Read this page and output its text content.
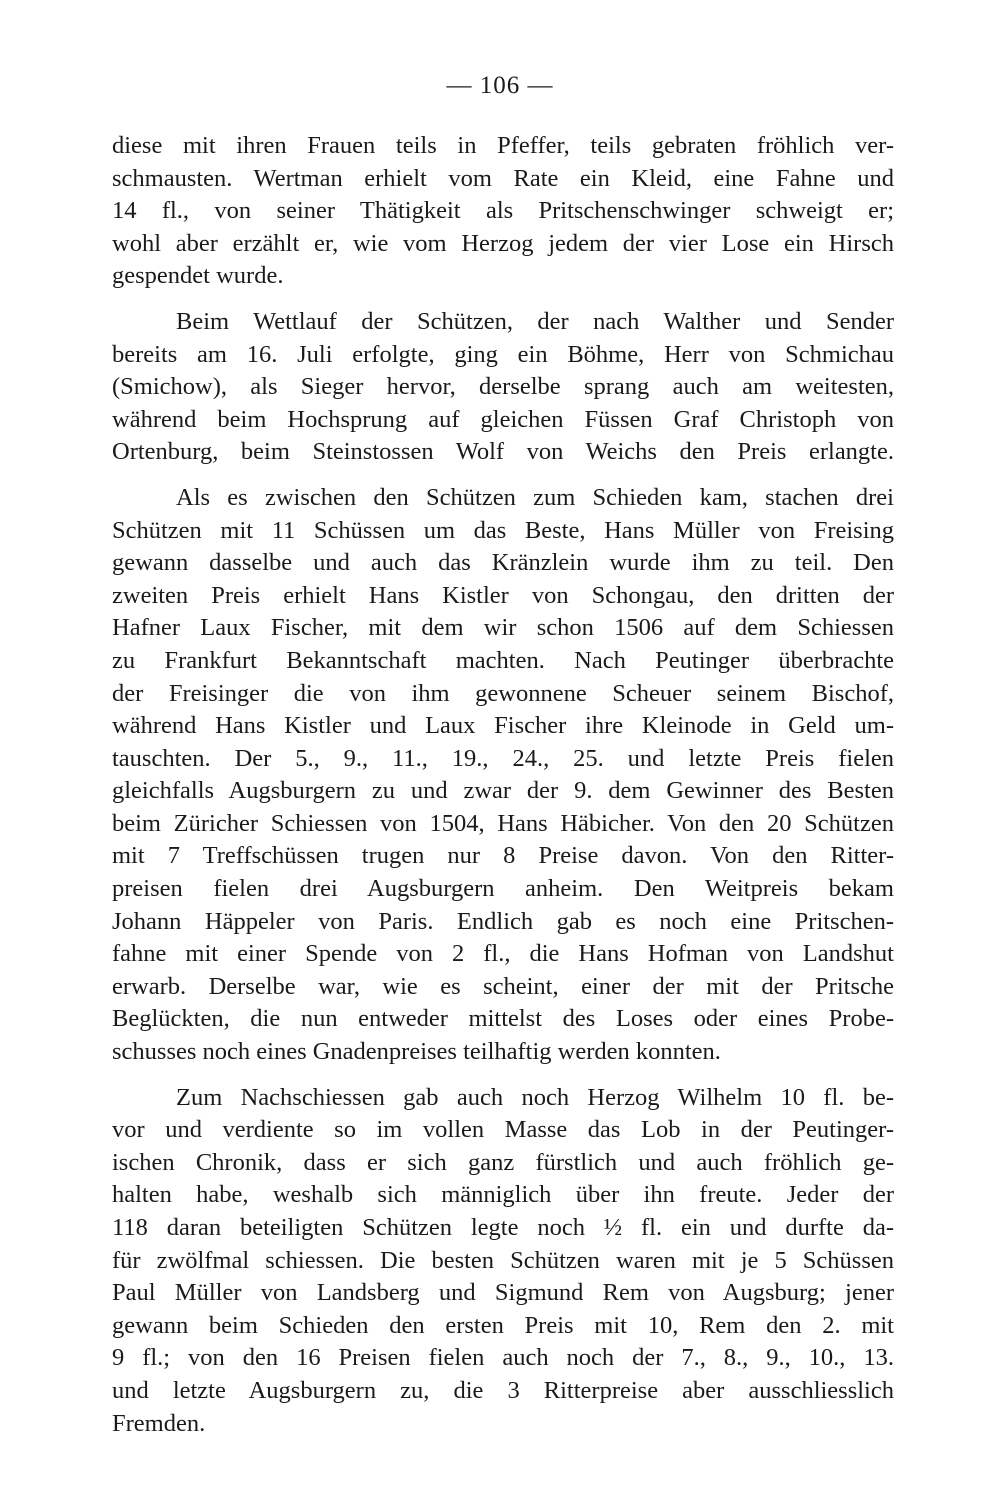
— 106 —
diese mit ihren Frauen teils in Pfeffer, teils gebraten fröhlich ver-
schmausten. Wertman erhielt vom Rate ein Kleid, eine Fahne und
14 fl., von seiner Thätigkeit als Pritschenschwinger schweigt er;
wohl aber erzählt er, wie vom Herzog jedem der vier Lose ein Hirsch
gespendet wurde.
Beim Wettlauf der Schützen, der nach Walther und Sender
bereits am 16. Juli erfolgte, ging ein Böhme, Herr von Schmichau
(Smichow), als Sieger hervor, derselbe sprang auch am weitesten,
während beim Hochsprung auf gleichen Füssen Graf Christoph von
Ortenburg, beim Steinstossen Wolf von Weichs den Preis erlangte.
Als es zwischen den Schützen zum Schieden kam, stachen drei
Schützen mit 11 Schüssen um das Beste, Hans Müller von Freising
gewann dasselbe und auch das Kränzlein wurde ihm zu teil. Den
zweiten Preis erhielt Hans Kistler von Schongau, den dritten der
Hafner Laux Fischer, mit dem wir schon 1506 auf dem Schiessen
zu Frankfurt Bekanntschaft machten. Nach Peutinger überbrachte
der Freisinger die von ihm gewonnene Scheuer seinem Bischof,
während Hans Kistler und Laux Fischer ihre Kleinode in Geld um-
tauschten. Der 5., 9., 11., 19., 24., 25. und letzte Preis fielen
gleichfalls Augsburgern zu und zwar der 9. dem Gewinner des Besten
beim Züricher Schiessen von 1504, Hans Häbicher. Von den 20 Schützen
mit 7 Treffschüssen trugen nur 8 Preise davon. Von den Ritter-
preisen fielen drei Augsburgern anheim. Den Weitpreis bekam
Johann Häppeler von Paris. Endlich gab es noch eine Pritschen-
fahne mit einer Spende von 2 fl., die Hans Hofman von Landshut
erwarb. Derselbe war, wie es scheint, einer der mit der Pritsche
Beglückten, die nun entweder mittelst des Loses oder eines Probe-
schusses noch eines Gnadenpreises teilhaftig werden konnten.
Zum Nachschiessen gab auch noch Herzog Wilhelm 10 fl. be-
vor und verdiente so im vollen Masse das Lob in der Peutinger-
ischen Chronik, dass er sich ganz fürstlich und auch fröhlich ge-
halten habe, weshalb sich männiglich über ihn freute. Jeder der
118 daran beteiligten Schützen legte noch ½ fl. ein und durfte da-
für zwölfmal schiessen. Die besten Schützen waren mit je 5 Schüssen
Paul Müller von Landsberg und Sigmund Rem von Augsburg; jener
gewann beim Schieden den ersten Preis mit 10, Rem den 2. mit
9 fl.; von den 16 Preisen fielen auch noch der 7., 8., 9., 10., 13.
und letzte Augsburgern zu, die 3 Ritterpreise aber ausschliesslich
Fremden.
